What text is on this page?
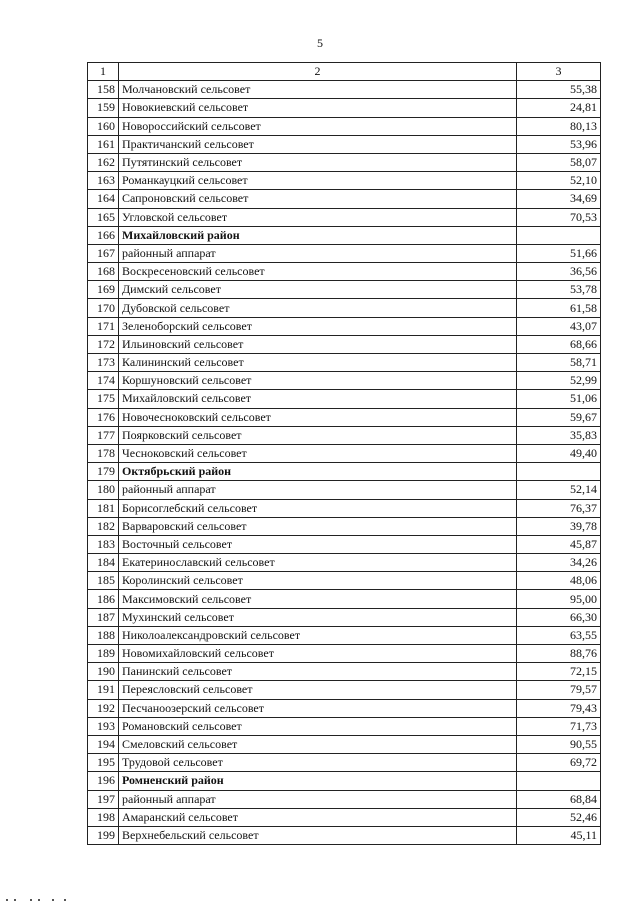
5
1	2	3
158	Молчановский сельсовет	55,38
159	Новокиевский сельсовет	24,81
160	Новороссийский сельсовет	80,13
161	Практичанский сельсовет	53,96
162	Путятинский сельсовет	58,07
163	Романкауцкий сельсовет	52,10
164	Сапроновский сельсовет	34,69
165	Угловской сельсовет	70,53
166	Михайловский район	
167	районный аппарат	51,66
168	Воскресеновский сельсовет	36,56
169	Димский сельсовет	53,78
170	Дубовской сельсовет	61,58
171	Зеленоборский сельсовет	43,07
172	Ильиновский сельсовет	68,66
173	Калининский сельсовет	58,71
174	Коршуновский сельсовет	52,99
175	Михайловский сельсовет	51,06
176	Новочесноковский сельсовет	59,67
177	Поярковский сельсовет	35,83
178	Чесноковский сельсовет	49,40
179	Октябрьский район	
180	районный аппарат	52,14
181	Борисоглебский сельсовет	76,37
182	Варваровский сельсовет	39,78
183	Восточный сельсовет	45,87
184	Екатеринославский сельсовет	34,26
185	Королинский сельсовет	48,06
186	Максимовский сельсовет	95,00
187	Мухинский сельсовет	66,30
188	Николоалександровский сельсовет	63,55
189	Новомихайловский сельсовет	88,76
190	Панинский сельсовет	72,15
191	Переясловский сельсовет	79,57
192	Песчаноозерский сельсовет	79,43
193	Романовский сельсовет	71,73
194	Смеловский сельсовет	90,55
195	Трудовой сельсовет	69,72
196	Ромненский район	
197	районный аппарат	68,84
198	Амаранский сельсовет	52,46
199	Верхнебельский сельсовет	45,11
